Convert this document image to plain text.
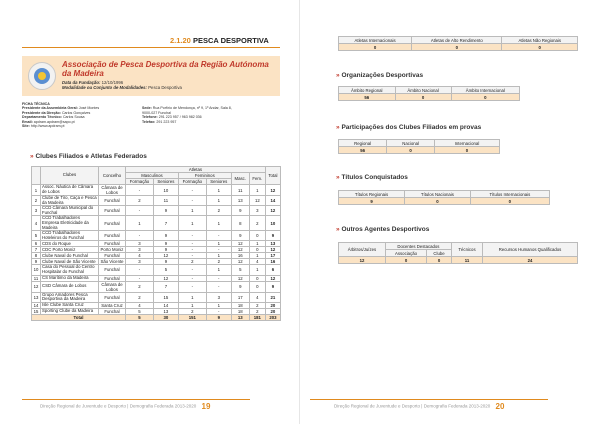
2.1.20 PESCA DESPORTIVA
Associação de Pesca Desportiva da Região Autónoma da Madeira
Data da Fundação: 12/10/1996
Modalidade ou Conjunto de Modalidades: Pesca Desportiva
FICHA TÉCNICA
Presidente da Assembleia Geral: José Montes
Presidente da Direção: Carlos Gonçalves
Departamento Técnico: Carlos Sousa
Email: apdram.apdram@sapo.pt
Site: http://www.apdram.pt
Sede: Rua Porfírio de Mendonça, nº 9, 1º Andar, Sala 8,
9000-027 Funchal
Telefone: 291 223 957 / 963 982 036
Telefax: 291 223 957
» Clubes Filiados e Atletas Federados
	Clubes	Concelho	Atletas						Total
			Masculinos		Femininos		Masc.	Fem.	
			Formação	Seniores	Formação	Seniores			
1	Assoc. Náutica de Câmara de Lobos	Câmara de Lobos	-	10	-	1	11	1	12
2	Clube de Tiro, Caça e Pesca da Madeira	Funchal	2	11	-	1	13	12	14
3	CCD Câmara Municipal do Funchal	Funchal	-	9	1	2	9	3	12
4	CCD Trabalhadores Empresa Eletricidade da Madeira	Funchal	1	7	1	1	8	2	10
5	CCD Trabalhadores Hoteleiros do Funchal	Funchal	-	9	-	-	9	0	9
6	CDS do Roque	Funchal	3	9	-	1	12	1	13
7	CDC Porto Moniz	Porto Moniz	3	9	-	-	12	0	12
8	Clube Naval do Funchal	Funchal	4	12	-	1	16	1	17
9	Clube Naval de São Vicente	São Vicente	3	9	2	2	12	4	16
10	Casa do Pessoal do Centro Hospitalar do Funchal	Funchal	-	5	-	1	5	1	6
11	CS Marítimo da Madeira	Funchal	-	12	-	-	12	0	12
12	CSD Câmara de Lobos	Câmara de Lobos	2	7	-	-	9	0	9
13	Grupo Amadores Pesca Desportiva da Madeira	Funchal	2	15	1	3	17	4	21
14	Isle Clube Santa Cruz	Santa Cruz	4	14	1	1	18	2	20
15	Sporting Clube da Madeira	Funchal	5	13	2	-	18	2	20
Total			5	30	151	9	13	181	203
Direção Regional de Juventude e Desporto | Demografia Federada 2013-2020 19
Atletas Internacionais	Atletas de Alto Rendimento	Atletas Não Regionais
0	0	0
» Organizações Desportivas
Âmbito Regional	Âmbito Nacional	Âmbito Internacional
56	0	0
» Participações dos Clubes Filiados em provas
Regional	Nacional	Internacional
56	0	0
» Títulos Conquistados
Títulos Regionais	Títulos Nacionais	Títulos Internacionais
9	0	0
» Outros Agentes Desportivos
Árbitros/Juízes	Docentes Destacados		Técnicos	Recursos Humanos Qualificados
	Associação	Clube		
12	0	0	11	24
Direção Regional de Juventude e Desporto | Demografia Federada 2013-2020 20
